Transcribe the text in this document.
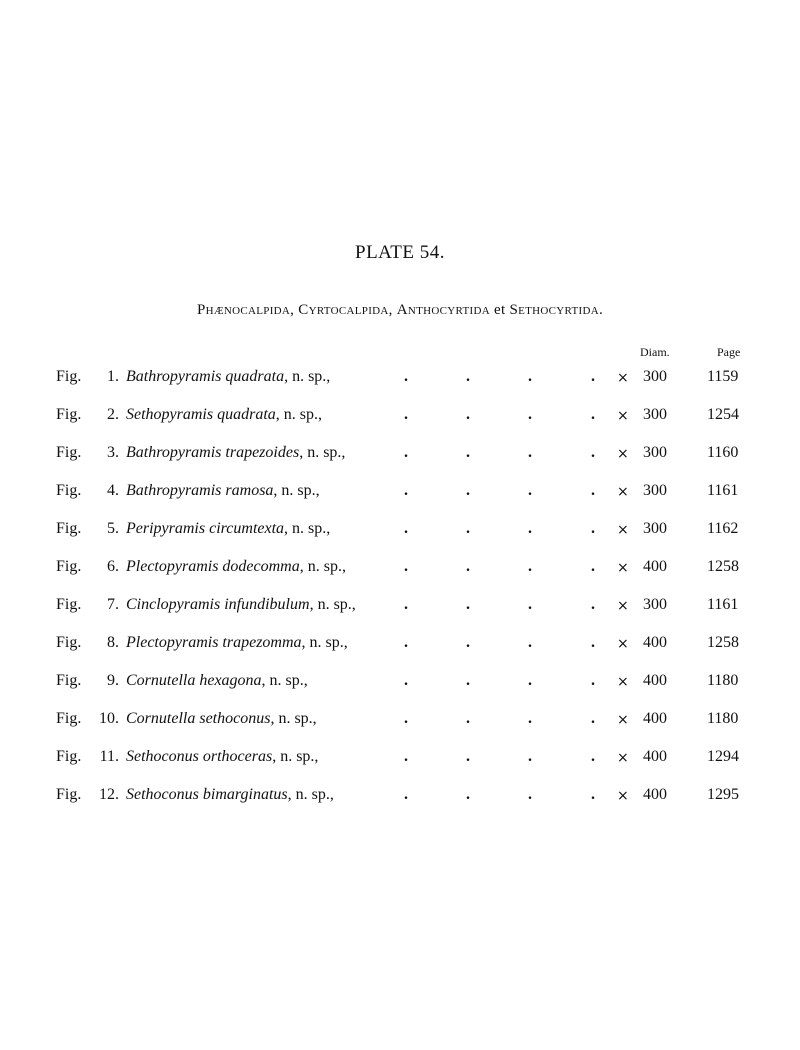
PLATE 54.
Phænocalpida, Cyrtocalpida, Anthocyrtida et Sethocyrtida.
Diam.	Page
Fig.	1. Bathropyramis quadrata, n. sp.,	.	.	.	. × 300	1159
Fig.	2. Sethopyramis quadrata, n. sp.,	.	.	.	. × 300	1254
Fig.	3. Bathropyramis trapezoides, n. sp.,	.	.	.	. × 300	1160
Fig.	4. Bathropyramis ramosa, n. sp.,	.	.	.	. × 300	1161
Fig.	5. Peripyramis circumtexta, n. sp.,	.	.	.	. × 300	1162
Fig.	6. Plectopyramis dodecomma, n. sp.,	.	.	.	. × 400	1258
Fig.	7. Cinclopyramis infundibulum, n. sp.,	.	.	.	. × 300	1161
Fig.	8. Plectopyramis trapezomma, n. sp.,	.	.	.	. × 400	1258
Fig.	9. Cornutella hexagona, n. sp.,	.	.	.	. × 400	1180
Fig.	10. Cornutella sethoconus, n. sp.,	.	.	.	. × 400	1180
Fig.	11. Sethoconus orthoceras, n. sp.,	.	.	.	. × 400	1294
Fig.	12. Sethoconus bimarginatus, n. sp.,	.	.	.	. × 400	1295
